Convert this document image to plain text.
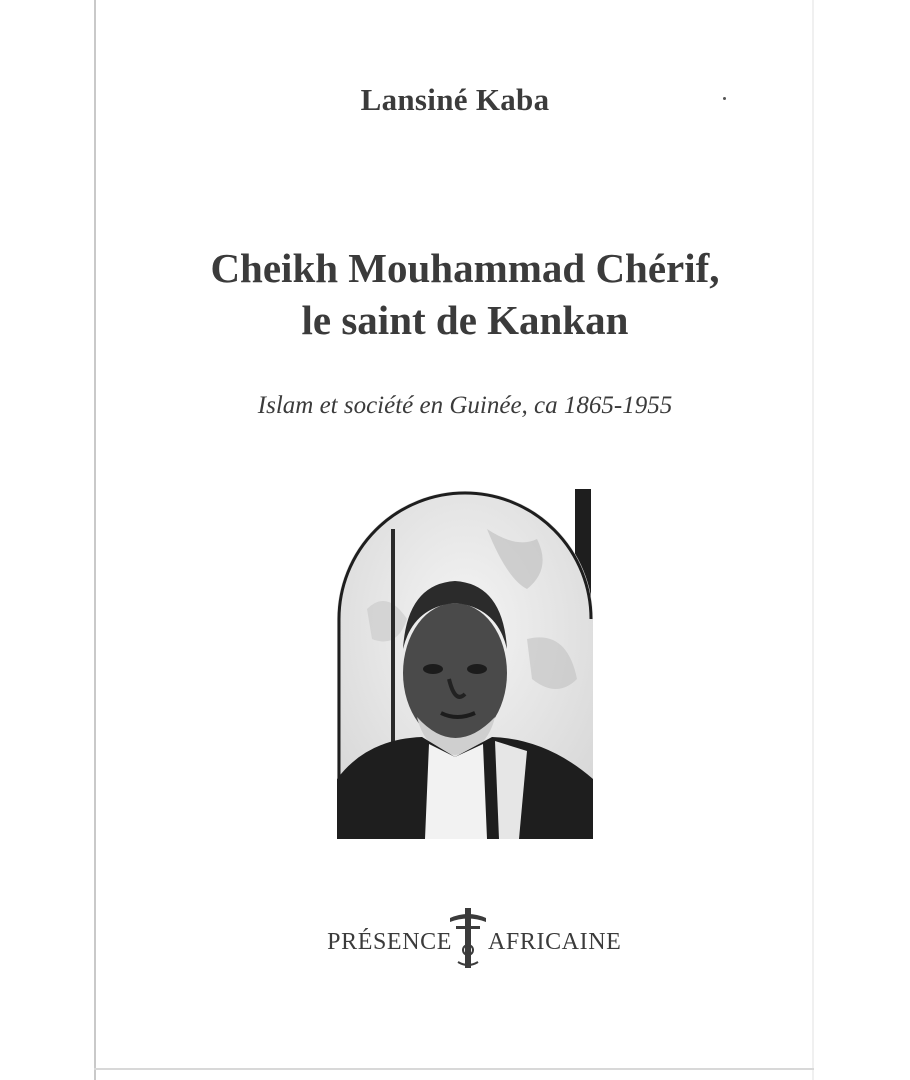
Lansiné Kaba
Cheikh Mouhammad Chérif,
le saint de Kankan
Islam et société en Guinée, ca 1865-1955
PRÉSENCE AFRICAINE
